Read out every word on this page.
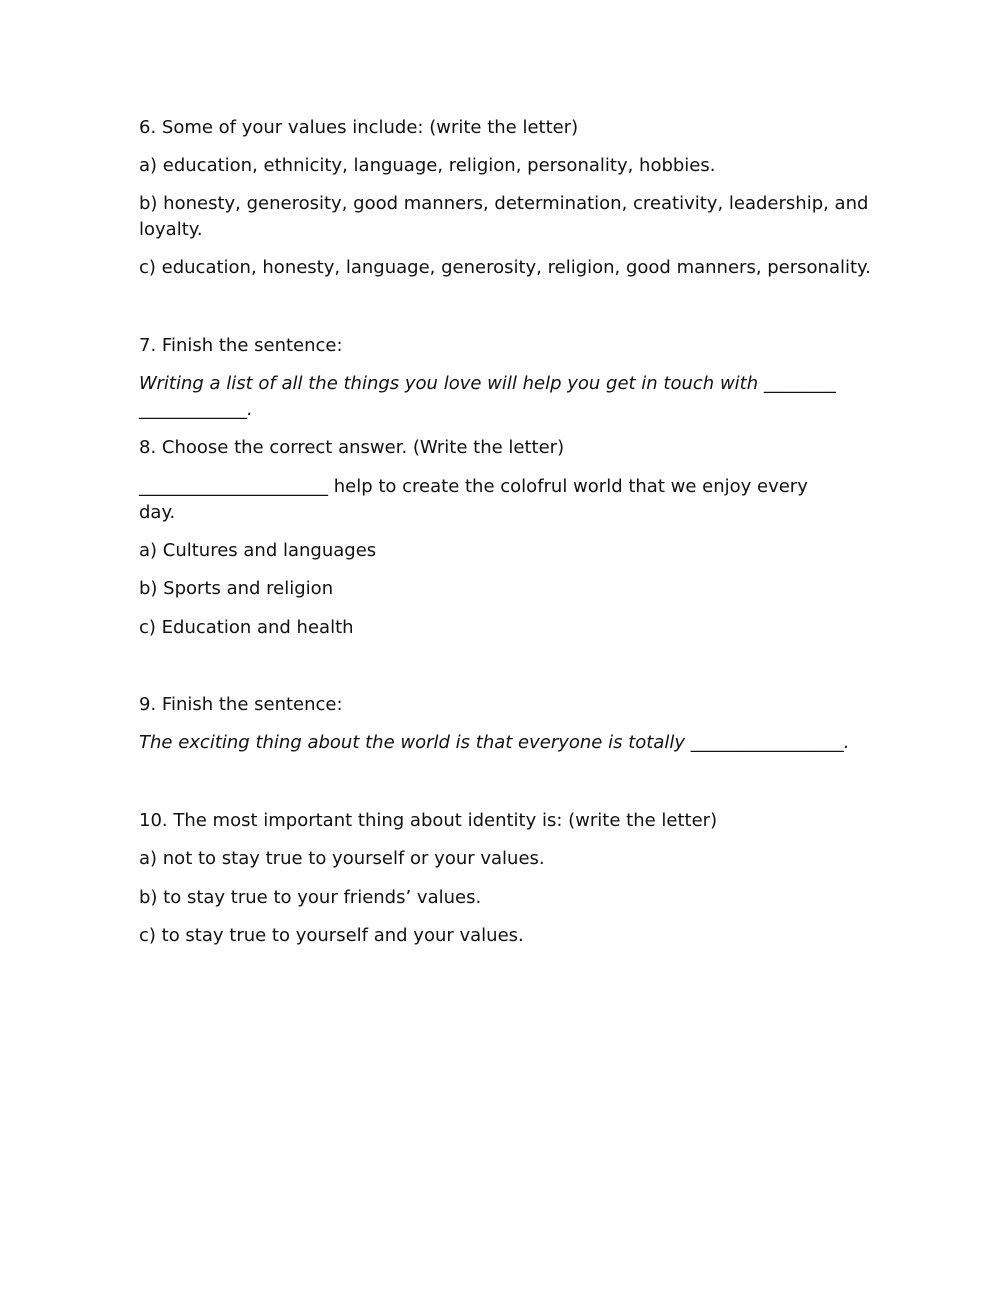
6. Some of your values include: (write the letter)
a) education, ethnicity, language, religion, personality, hobbies.
b) honesty, generosity, good manners, determination, creativity, leadership, and
loyalty.
c) education, honesty, language, generosity, religion, good manners, personality.
7. Finish the sentence:
Writing a list of all the things you love will help you get in touch with ________
____________.
8. Choose the correct answer. (Write the letter)
_____________________ help to create the colofrul world that we enjoy every
day.
a) Cultures and languages
b) Sports and religion
c) Education and health
9. Finish the sentence:
The exciting thing about the world is that everyone is totally _________________.
10. The most important thing about identity is: (write the letter)
a) not to stay true to yourself or your values.
b) to stay true to your friends’ values.
c) to stay true to yourself and your values.
